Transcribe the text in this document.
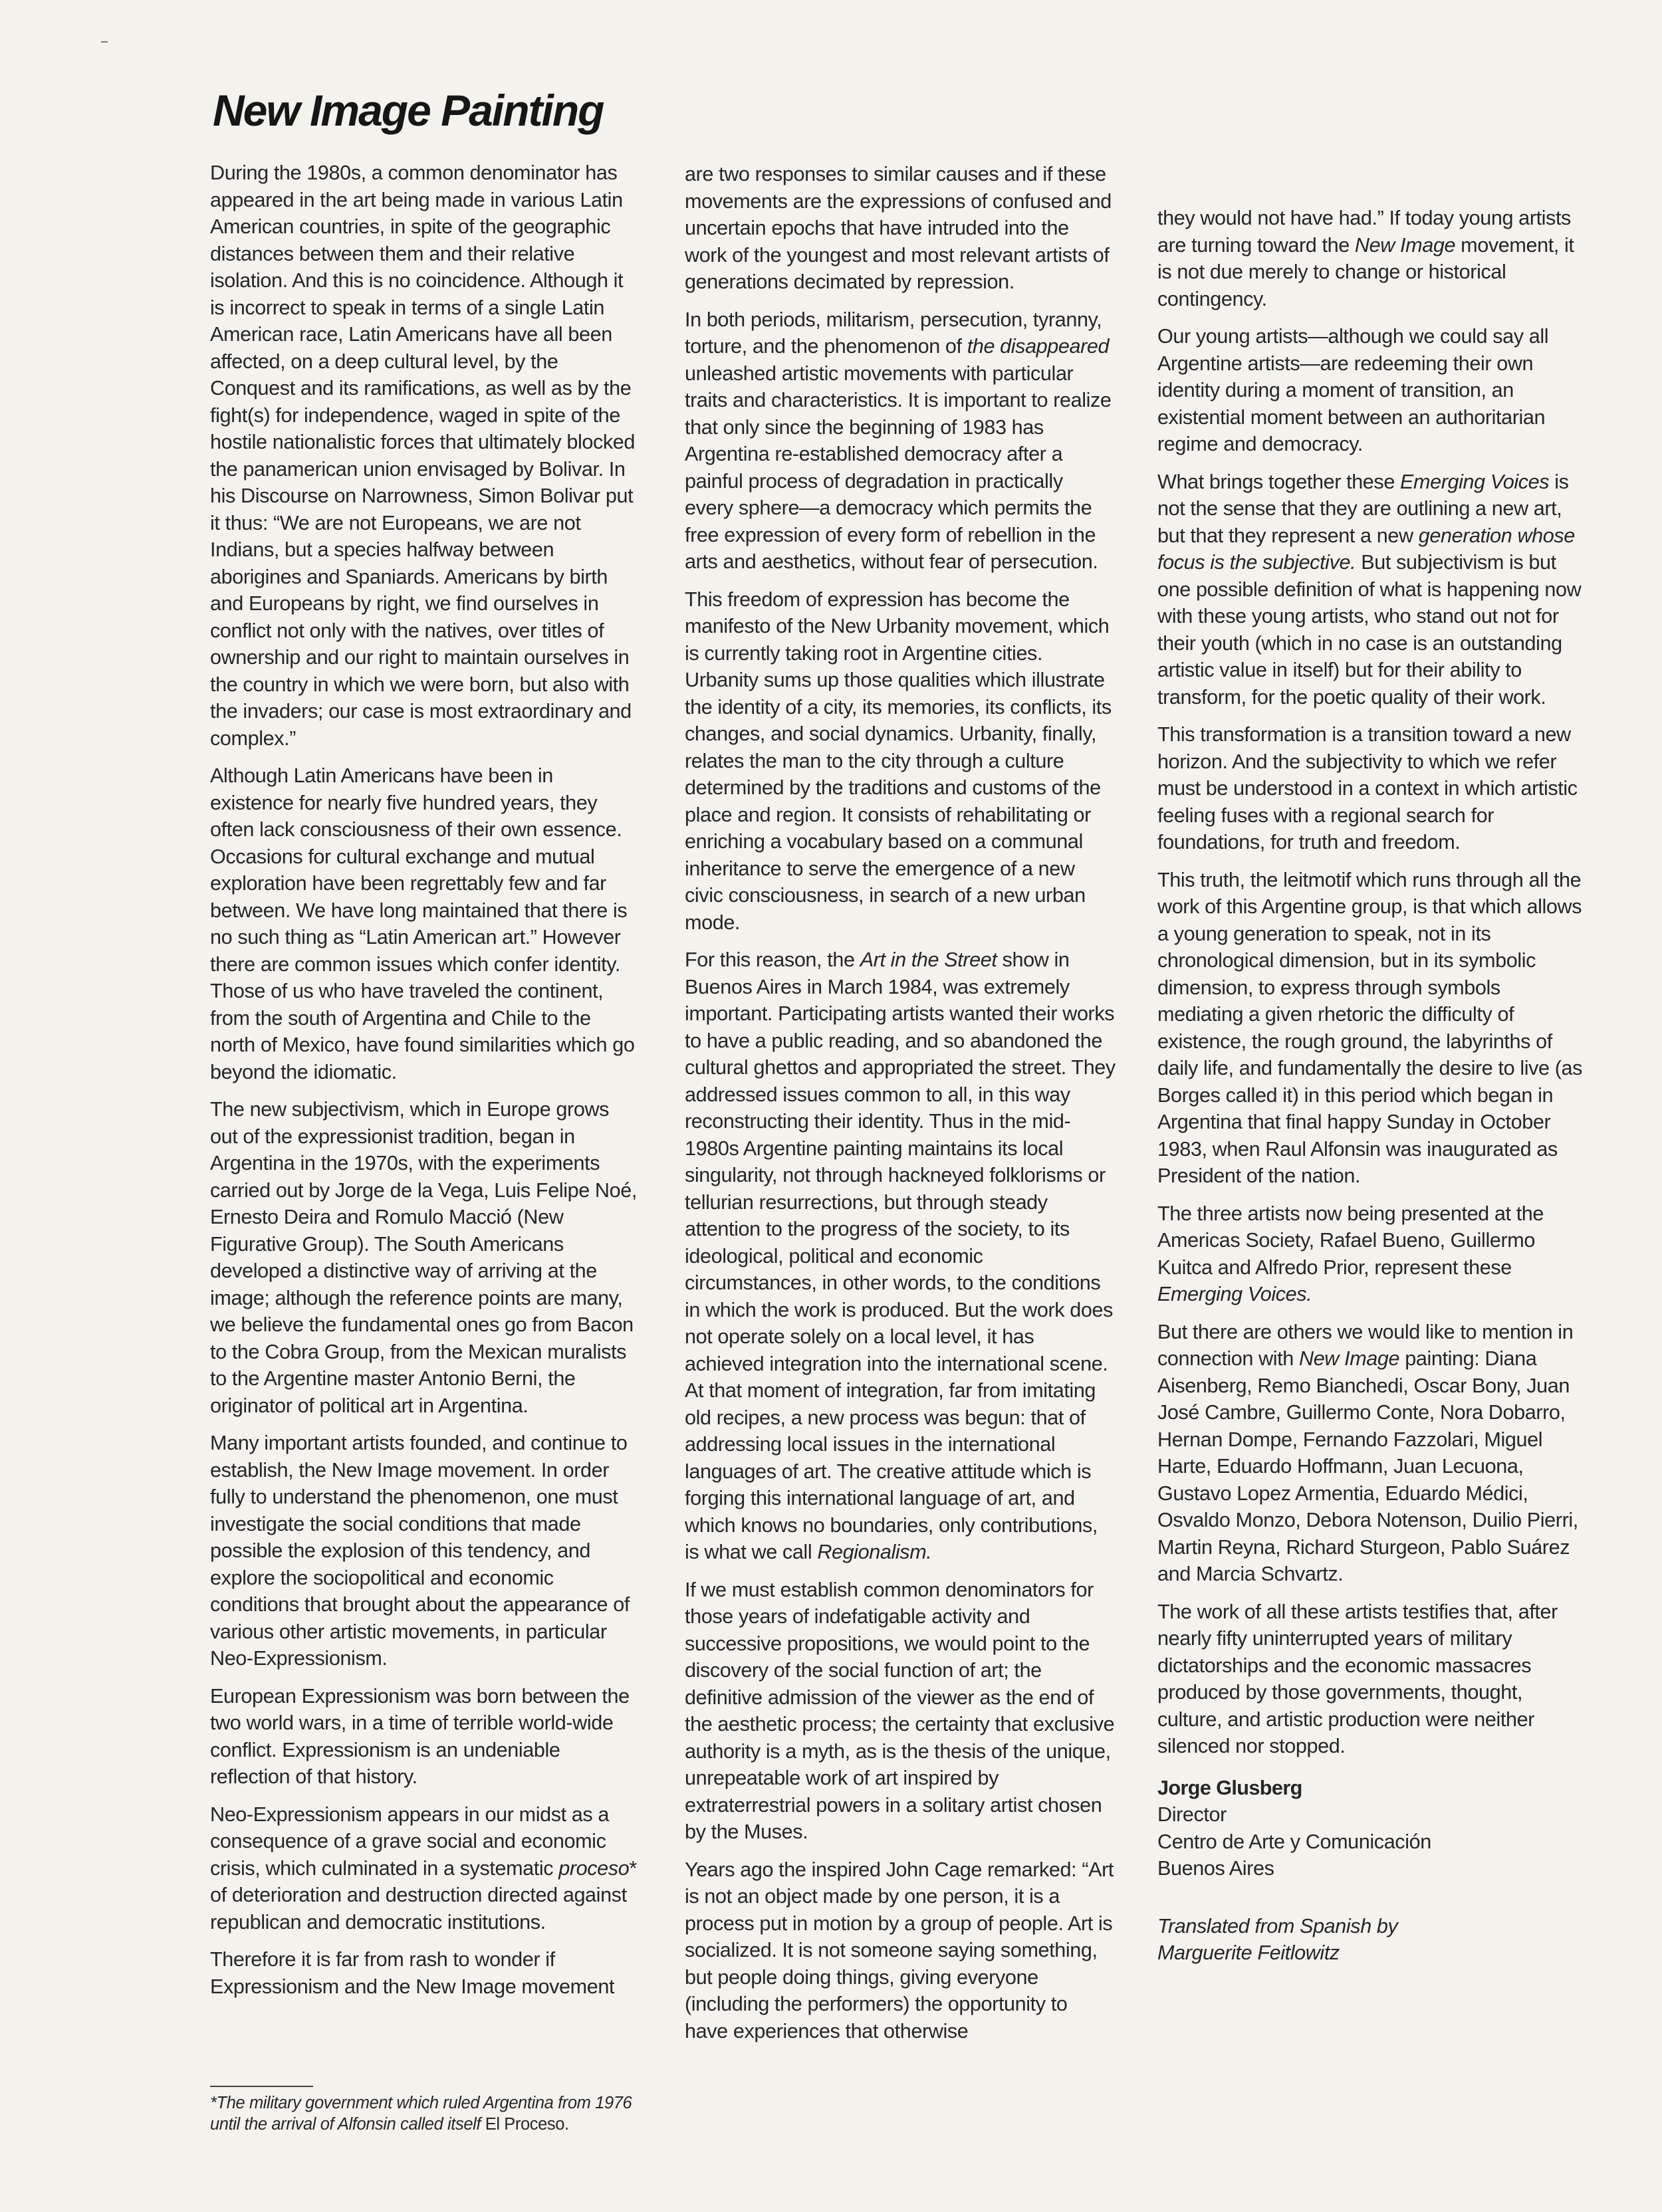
New Image Painting

During the 1980s, a common denominator has appeared in the art being made in various Latin American countries, in spite of the geographic distances between them and their relative isolation. And this is no coincidence. Although it is incorrect to speak in terms of a single Latin American race, Latin Americans have all been affected, on a deep cultural level, by the Conquest and its ramifications, as well as by the fight(s) for independence, waged in spite of the hostile nationalistic forces that ultimately blocked the panamerican union envisaged by Bolivar. In his Discourse on Narrowness, Simon Bolivar put it thus: “We are not Europeans, we are not Indians, but a species halfway between aborigines and Spaniards. Americans by birth and Europeans by right, we find ourselves in conflict not only with the natives, over titles of ownership and our right to maintain ourselves in the country in which we were born, but also with the invaders; our case is most extraordinary and complex.”

Although Latin Americans have been in existence for nearly five hundred years, they often lack consciousness of their own essence. Occasions for cultural exchange and mutual exploration have been regrettably few and far between. We have long maintained that there is no such thing as “Latin American art.” However there are common issues which confer identity. Those of us who have traveled the continent, from the south of Argentina and Chile to the north of Mexico, have found similarities which go beyond the idiomatic.

The new subjectivism, which in Europe grows out of the expressionist tradition, began in Argentina in the 1970s, with the experiments carried out by Jorge de la Vega, Luis Felipe Noé, Ernesto Deira and Romulo Macció (New Figurative Group). The South Americans developed a distinctive way of arriving at the image; although the reference points are many, we believe the fundamental ones go from Bacon to the Cobra Group, from the Mexican muralists to the Argentine master Antonio Berni, the originator of political art in Argentina.

Many important artists founded, and continue to establish, the New Image movement. In order fully to understand the phenomenon, one must investigate the social conditions that made possible the explosion of this tendency, and explore the sociopolitical and economic conditions that brought about the appearance of various other artistic movements, in particular Neo-Expressionism.

European Expressionism was born between the two world wars, in a time of terrible world-wide conflict. Expressionism is an undeniable reflection of that history.

Neo-Expressionism appears in our midst as a consequence of a grave social and economic crisis, which culminated in a systematic proceso* of deterioration and destruction directed against republican and democratic institutions.

Therefore it is far from rash to wonder if Expressionism and the New Image movement

are two responses to similar causes and if these movements are the expressions of confused and uncertain epochs that have intruded into the work of the youngest and most relevant artists of generations decimated by repression.

In both periods, militarism, persecution, tyranny, torture, and the phenomenon of the disappeared unleashed artistic movements with particular traits and characteristics. It is important to realize that only since the beginning of 1983 has Argentina re-established democracy after a painful process of degradation in practically every sphere—a democracy which permits the free expression of every form of rebellion in the arts and aesthetics, without fear of persecution.

This freedom of expression has become the manifesto of the New Urbanity movement, which is currently taking root in Argentine cities. Urbanity sums up those qualities which illustrate the identity of a city, its memories, its conflicts, its changes, and social dynamics. Urbanity, finally, relates the man to the city through a culture determined by the traditions and customs of the place and region. It consists of rehabilitating or enriching a vocabulary based on a communal inheritance to serve the emergence of a new civic consciousness, in search of a new urban mode.

For this reason, the Art in the Street show in Buenos Aires in March 1984, was extremely important. Participating artists wanted their works to have a public reading, and so abandoned the cultural ghettos and appropriated the street. They addressed issues common to all, in this way reconstructing their identity. Thus in the mid-1980s Argentine painting maintains its local singularity, not through hackneyed folklorisms or tellurian resurrections, but through steady attention to the progress of the society, to its ideological, political and economic circumstances, in other words, to the conditions in which the work is produced. But the work does not operate solely on a local level, it has achieved integration into the international scene. At that moment of integration, far from imitating old recipes, a new process was begun: that of addressing local issues in the international languages of art. The creative attitude which is forging this international language of art, and which knows no boundaries, only contributions, is what we call Regionalism.

If we must establish common denominators for those years of indefatigable activity and successive propositions, we would point to the discovery of the social function of art; the definitive admission of the viewer as the end of the aesthetic process; the certainty that exclusive authority is a myth, as is the thesis of the unique, unrepeatable work of art inspired by extraterrestrial powers in a solitary artist chosen by the Muses.

Years ago the inspired John Cage remarked: “Art is not an object made by one person, it is a process put in motion by a group of people. Art is socialized. It is not someone saying something, but people doing things, giving everyone (including the performers) the opportunity to have experiences that otherwise

they would not have had.” If today young artists are turning toward the New Image movement, it is not due merely to change or historical contingency.

Our young artists—although we could say all Argentine artists—are redeeming their own identity during a moment of transition, an existential moment between an authoritarian regime and democracy.

What brings together these Emerging Voices is not the sense that they are outlining a new art, but that they represent a new generation whose focus is the subjective. But subjectivism is but one possible definition of what is happening now with these young artists, who stand out not for their youth (which in no case is an outstanding artistic value in itself) but for their ability to transform, for the poetic quality of their work.

This transformation is a transition toward a new horizon. And the subjectivity to which we refer must be understood in a context in which artistic feeling fuses with a regional search for foundations, for truth and freedom.

This truth, the leitmotif which runs through all the work of this Argentine group, is that which allows a young generation to speak, not in its chronological dimension, but in its symbolic dimension, to express through symbols mediating a given rhetoric the difficulty of existence, the rough ground, the labyrinths of daily life, and fundamentally the desire to live (as Borges called it) in this period which began in Argentina that final happy Sunday in October 1983, when Raul Alfonsin was inaugurated as President of the nation.

The three artists now being presented at the Americas Society, Rafael Bueno, Guillermo Kuitca and Alfredo Prior, represent these Emerging Voices.

But there are others we would like to mention in connection with New Image painting: Diana Aisenberg, Remo Bianchedi, Oscar Bony, Juan José Cambre, Guillermo Conte, Nora Dobarro, Hernan Dompe, Fernando Fazzolari, Miguel Harte, Eduardo Hoffmann, Juan Lecuona, Gustavo Lopez Armentia, Eduardo Médici, Osvaldo Monzo, Debora Notenson, Duilio Pierri, Martin Reyna, Richard Sturgeon, Pablo Suárez and Marcia Schvartz.

The work of all these artists testifies that, after nearly fifty uninterrupted years of military dictatorships and the economic massacres produced by those governments, thought, culture, and artistic production were neither silenced nor stopped.

Jorge Glusberg

Director

Centro de Arte y Comunicación

Buenos Aires

Translated from Spanish by

Marguerite Feitlowitz

*The military government which ruled Argentina from 1976 until the arrival of Alfonsin called itself El Proceso.
